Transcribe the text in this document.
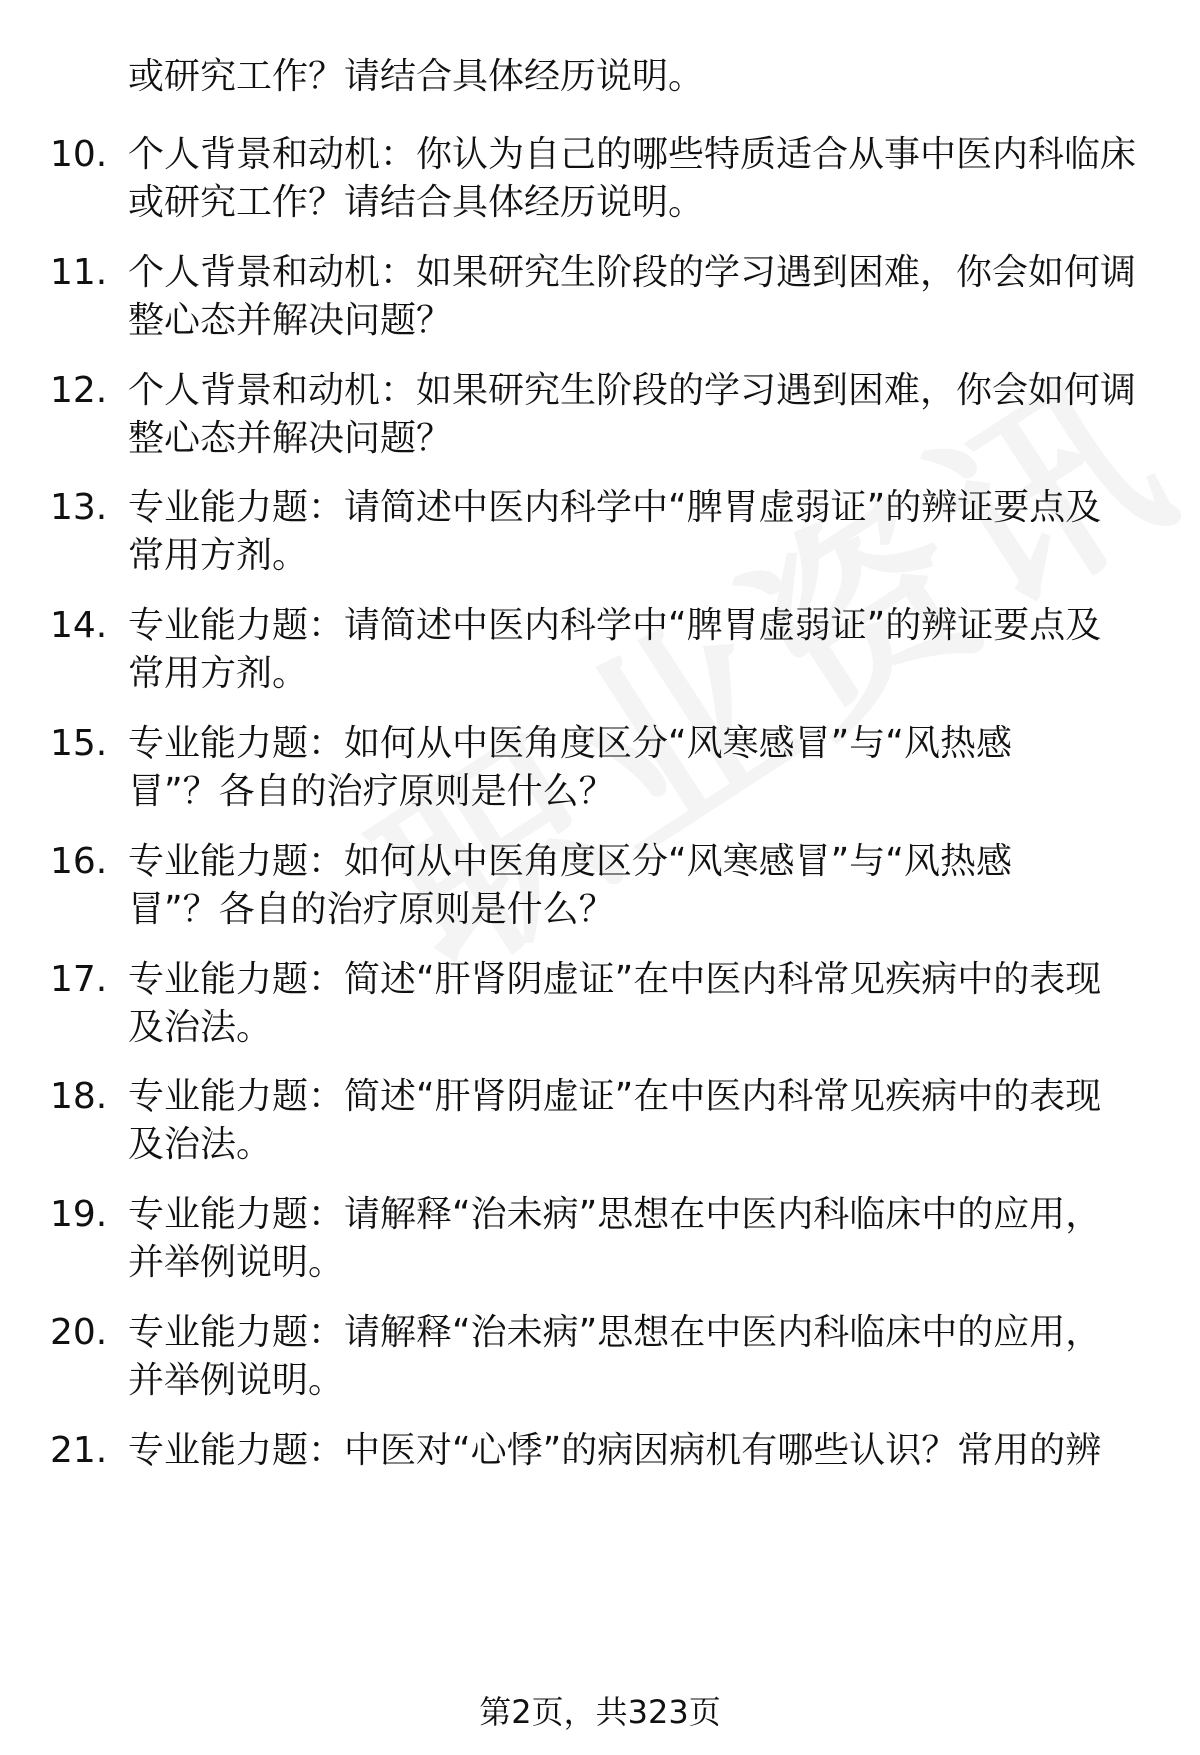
或研究工作？请结合具体经历说明。
10. 个人背景和动机：你认为自己的哪些特质适合从事中医内科临床
或研究工作？请结合具体经历说明。
11. 个人背景和动机：如果研究生阶段的学习遇到困难，你会如何调
整心态并解决问题？
12. 个人背景和动机：如果研究生阶段的学习遇到困难，你会如何调
整心态并解决问题？
13. 专业能力题：请简述中医内科学中“脾胃虚弱证”的辨证要点及
常用方剂。
14. 专业能力题：请简述中医内科学中“脾胃虚弱证”的辨证要点及
常用方剂。
15. 专业能力题：如何从中医角度区分“风寒感冒”与“风热感
冒”？各自的治疗原则是什么？
16. 专业能力题：如何从中医角度区分“风寒感冒”与“风热感
冒”？各自的治疗原则是什么？
17. 专业能力题：简述“肝肾阴虚证”在中医内科常见疾病中的表现
及治法。
18. 专业能力题：简述“肝肾阴虚证”在中医内科常见疾病中的表现
及治法。
19. 专业能力题：请解释“治未病”思想在中医内科临床中的应用，
并举例说明。
20. 专业能力题：请解释“治未病”思想在中医内科临床中的应用，
并举例说明。
21. 专业能力题：中医对“心悸”的病因病机有哪些认识？常用的辨
第2页，共323页
